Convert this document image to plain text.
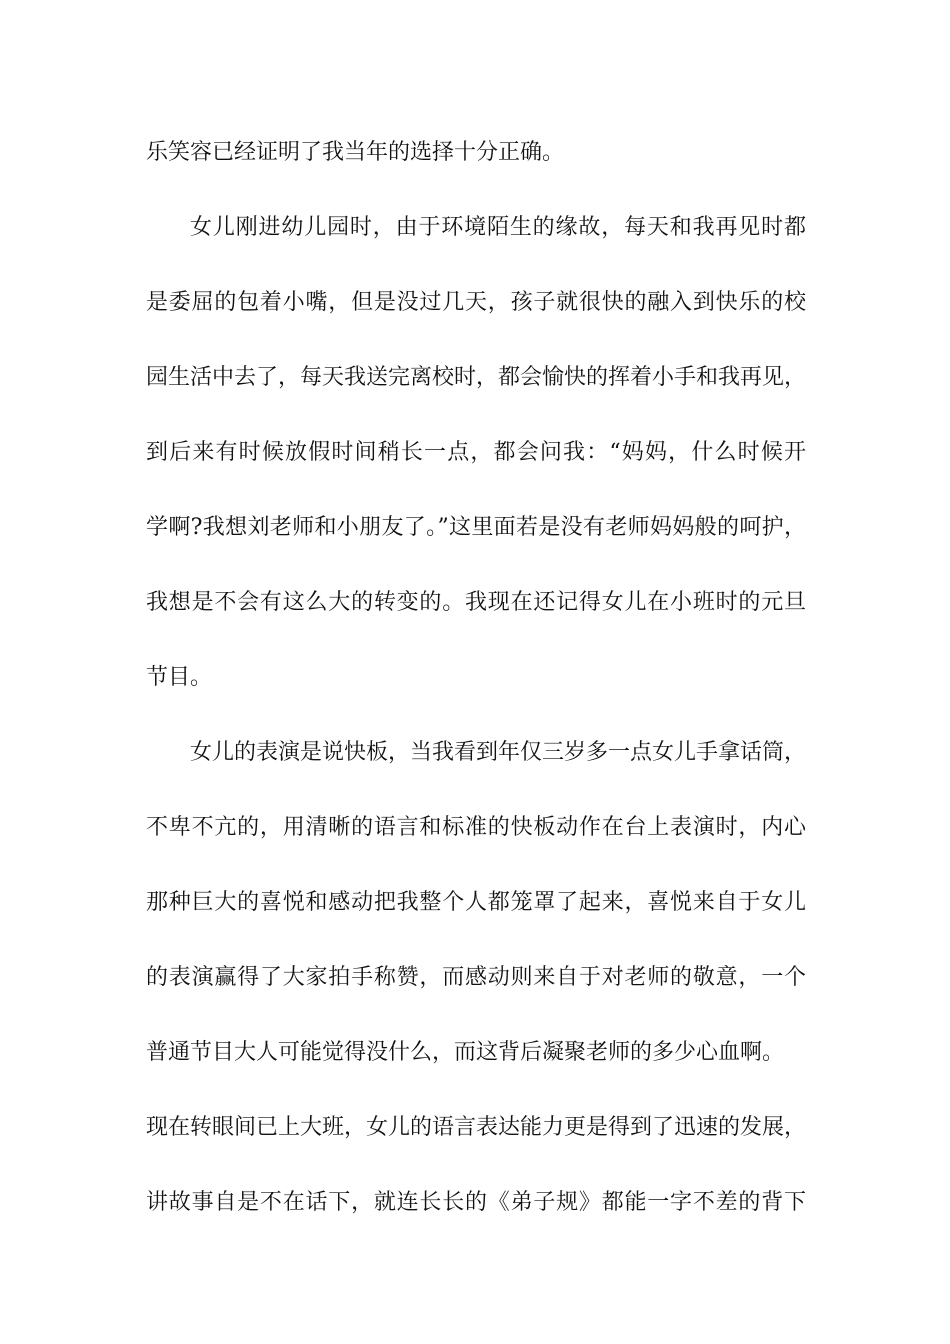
乐笑容已经证明了我当年的选择十分正确。
女儿刚进幼儿园时，由于环境陌生的缘故，每天和我再见时都
是委屈的包着小嘴，但是没过几天，孩子就很快的融入到快乐的校
园生活中去了，每天我送完离校时，都会愉快的挥着小手和我再见，
到后来有时候放假时间稍长一点，都会问我：“妈妈，什么时候开
学啊?我想刘老师和小朋友了。”这里面若是没有老师妈妈般的呵护，
我想是不会有这么大的转变的。我现在还记得女儿在小班时的元旦
节目。
女儿的表演是说快板，当我看到年仅三岁多一点女儿手拿话筒，
不卑不亢的，用清晰的语言和标准的快板动作在台上表演时，内心
那种巨大的喜悦和感动把我整个人都笼罩了起来，喜悦来自于女儿
的表演赢得了大家拍手称赞，而感动则来自于对老师的敬意，一个
普通节目大人可能觉得没什么，而这背后凝聚老师的多少心血啊。
现在转眼间已上大班，女儿的语言表达能力更是得到了迅速的发展，
讲故事自是不在话下，就连长长的《弟子规》都能一字不差的背下
